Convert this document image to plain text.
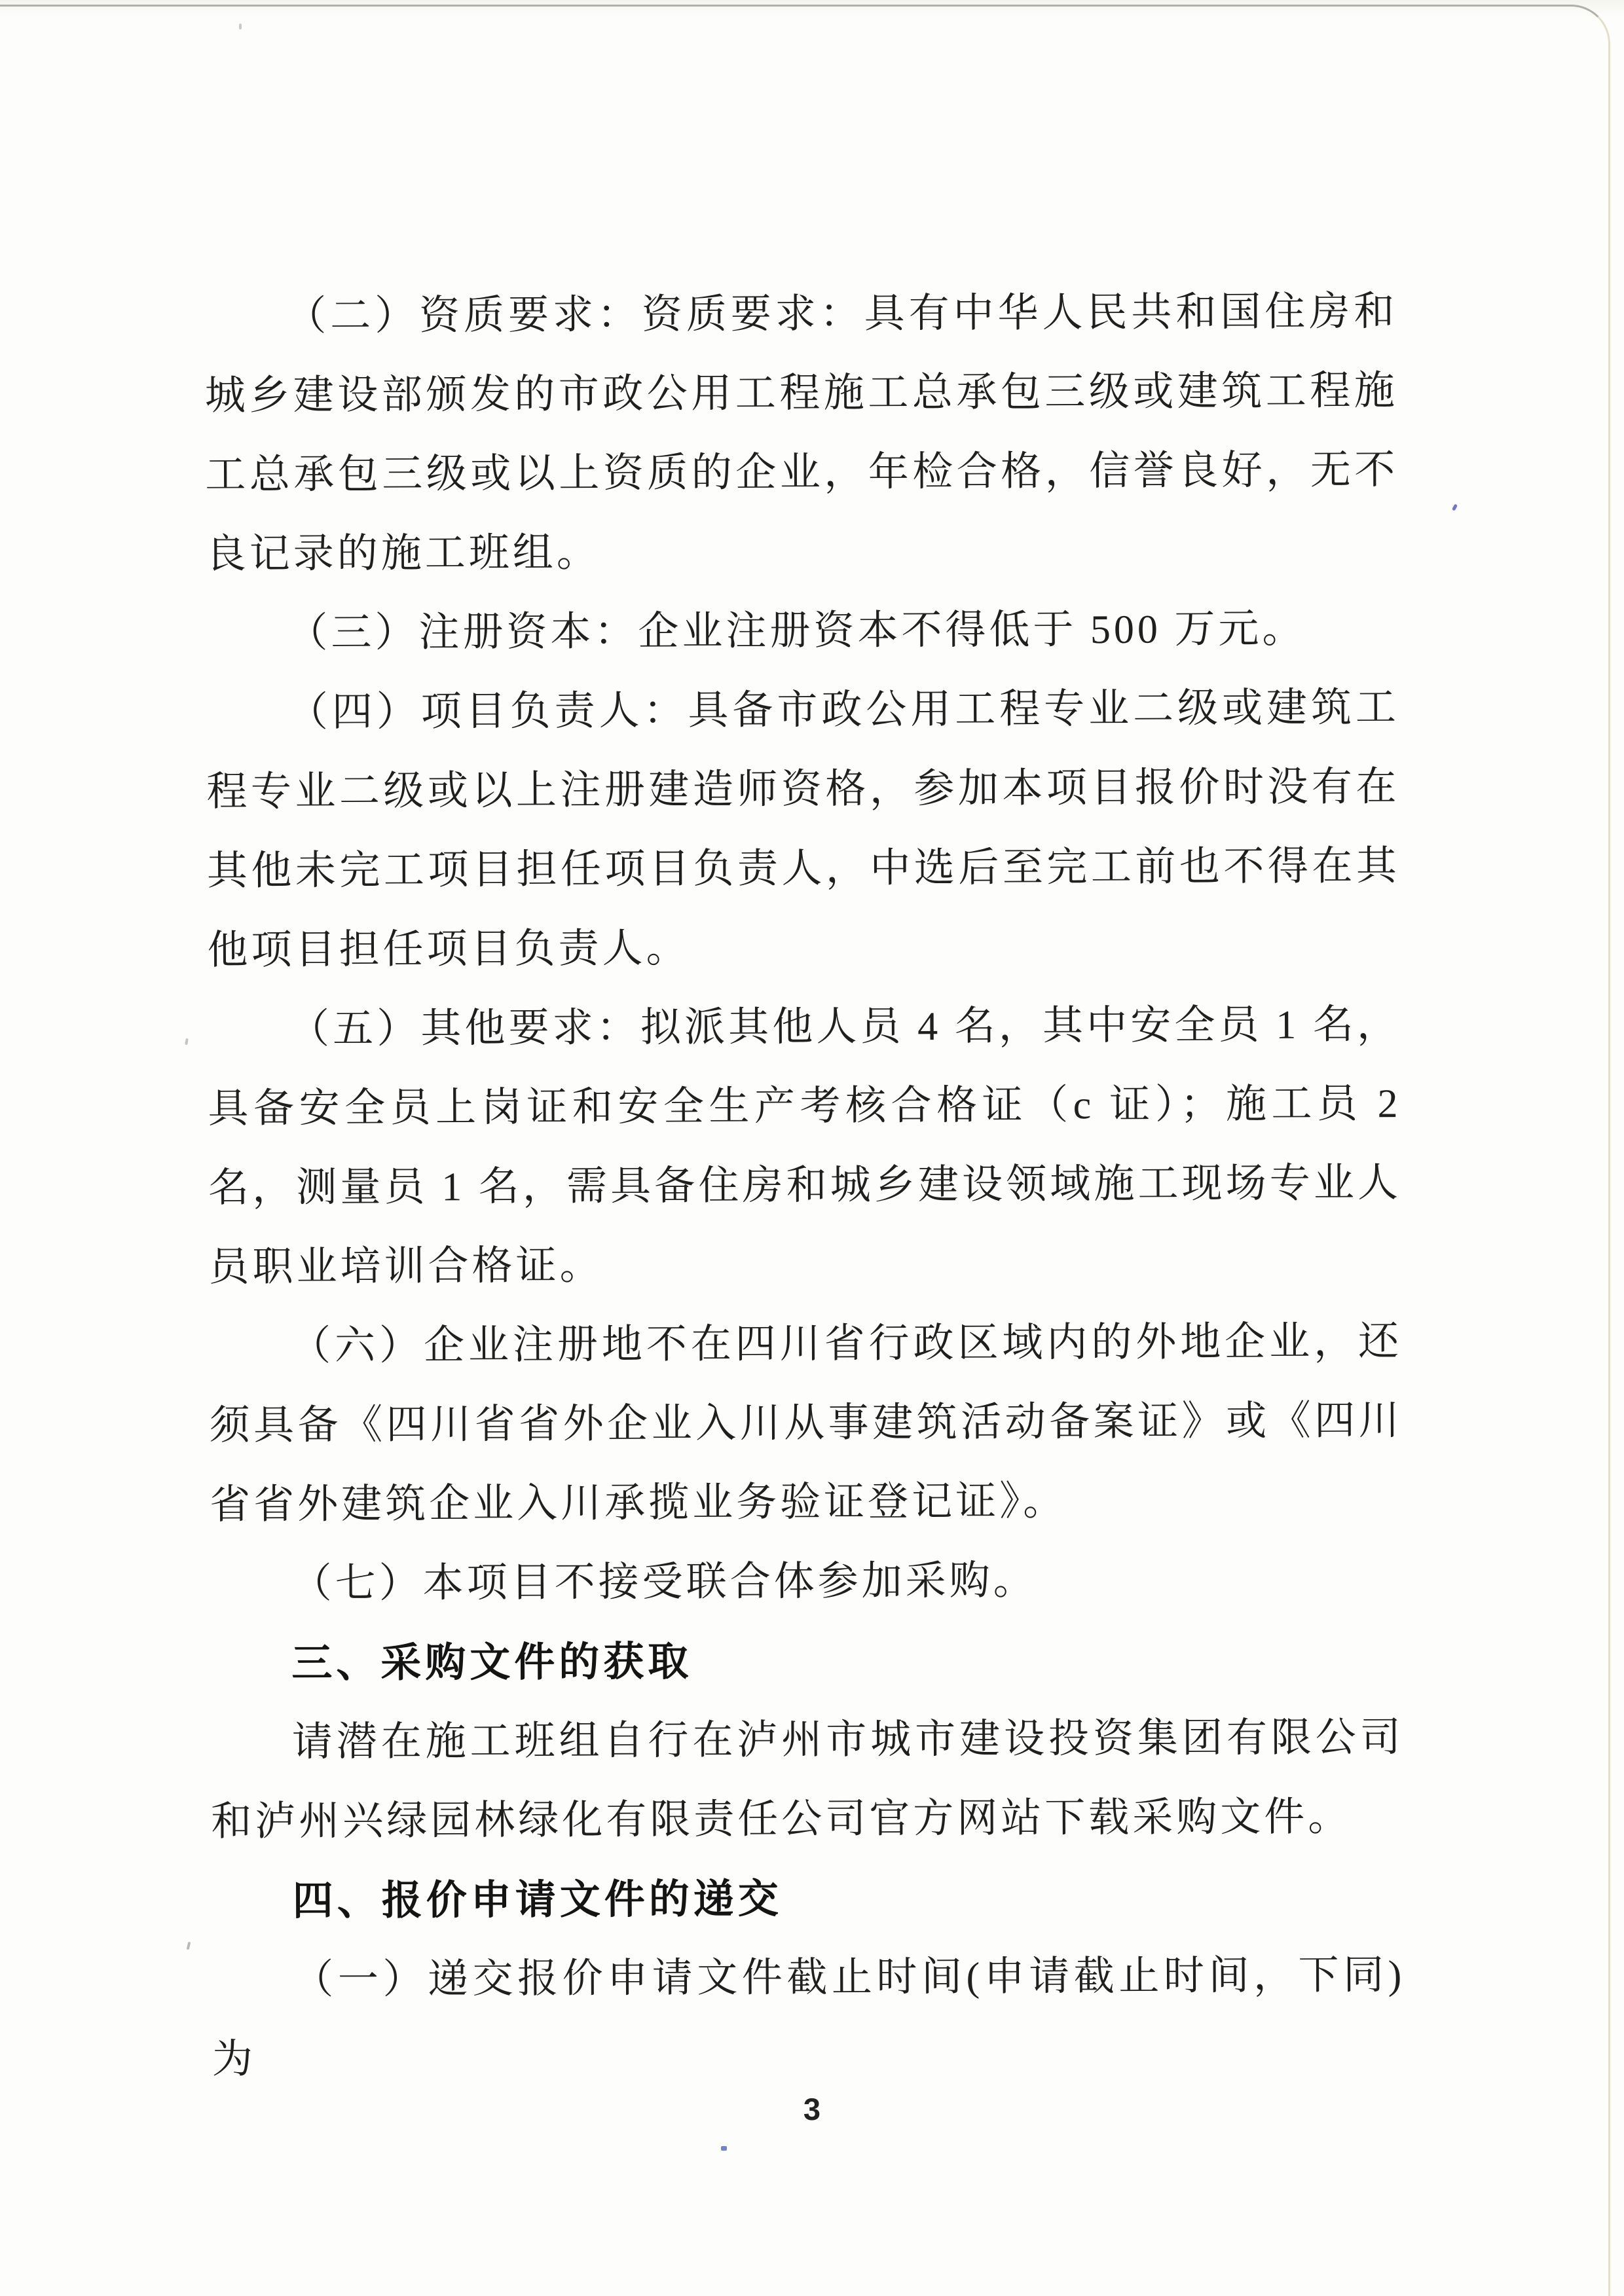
（二）资质要求：资质要求：具有中华人民共和国住房和城乡建设部颁发的市政公用工程施工总承包三级或建筑工程施工总承包三级或以上资质的企业，年检合格，信誉良好，无不良记录的施工班组。

（三）注册资本：企业注册资本不得低于 500 万元。

（四）项目负责人：具备市政公用工程专业二级或建筑工程专业二级或以上注册建造师资格，参加本项目报价时没有在其他未完工项目担任项目负责人，中选后至完工前也不得在其他项目担任项目负责人。

（五）其他要求：拟派其他人员 4 名，其中安全员 1 名，具备安全员上岗证和安全生产考核合格证（c 证）；施工员 2 名，测量员 1 名，需具备住房和城乡建设领域施工现场专业人员职业培训合格证。

（六）企业注册地不在四川省行政区域内的外地企业，还须具备《四川省省外企业入川从事建筑活动备案证》或《四川省省外建筑企业入川承揽业务验证登记证》。

（七）本项目不接受联合体参加采购。

三、采购文件的获取

请潜在施工班组自行在泸州市城市建设投资集团有限公司和泸州兴绿园林绿化有限责任公司官方网站下载采购文件。

四、报价申请文件的递交

（一）递交报价申请文件截止时间(申请截止时间，下同)为

3
